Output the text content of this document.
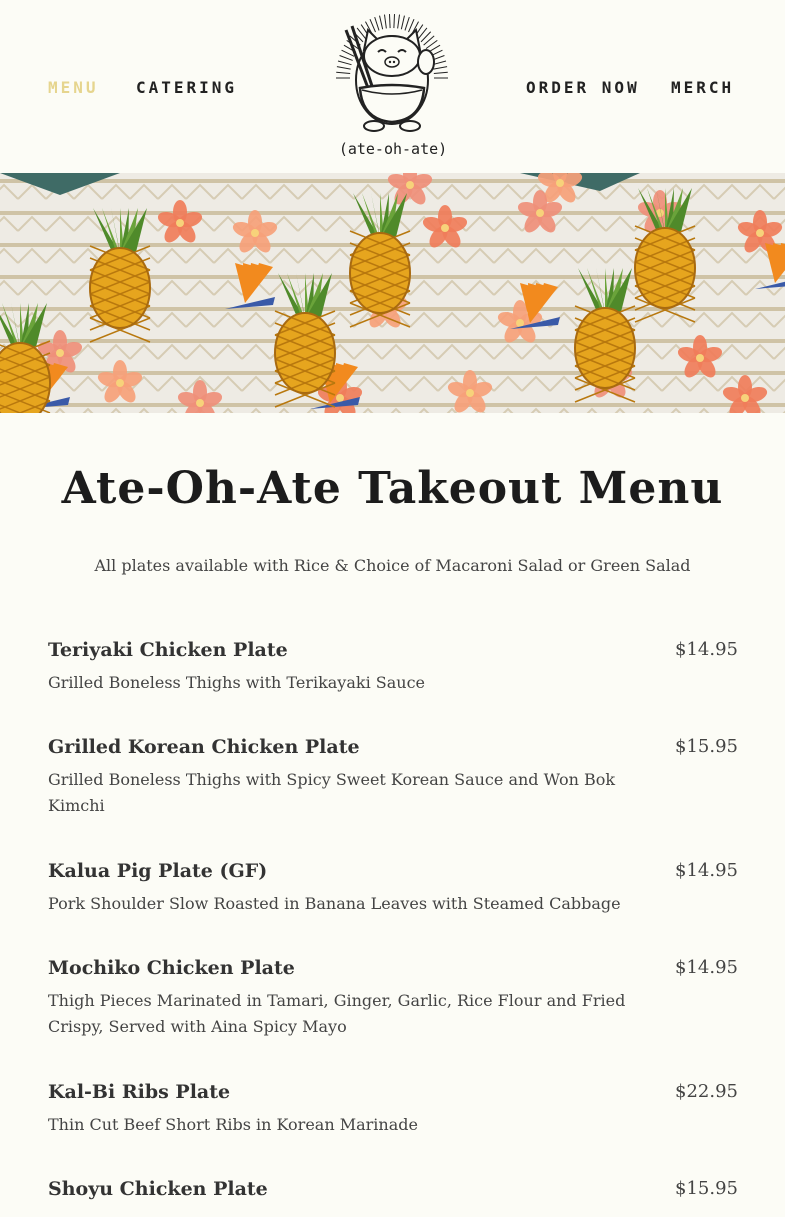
MENU CATERING
(ate-oh-ate)
ORDER NOW MERCH
Ate-Oh-Ate Takeout Menu

All plates available with Rice & Choice of Macaroni Salad or Green Salad

Teriyaki Chicken Plate	$14.95
Grilled Boneless Thighs with Terikayaki Sauce
Grilled Korean Chicken Plate	$15.95
Grilled Boneless Thighs with Spicy Sweet Korean Sauce and Won Bok Kimchi
Kalua Pig Plate (GF)	$14.95
Pork Shoulder Slow Roasted in Banana Leaves with Steamed Cabbage
Mochiko Chicken Plate	$14.95
Thigh Pieces Marinated in Tamari, Ginger, Garlic, Rice Flour and Fried Crispy, Served with Aina Spicy Mayo
Kal-Bi Ribs Plate	$22.95
Thin Cut Beef Short Ribs in Korean Marinade
Shoyu Chicken Plate	$15.95
